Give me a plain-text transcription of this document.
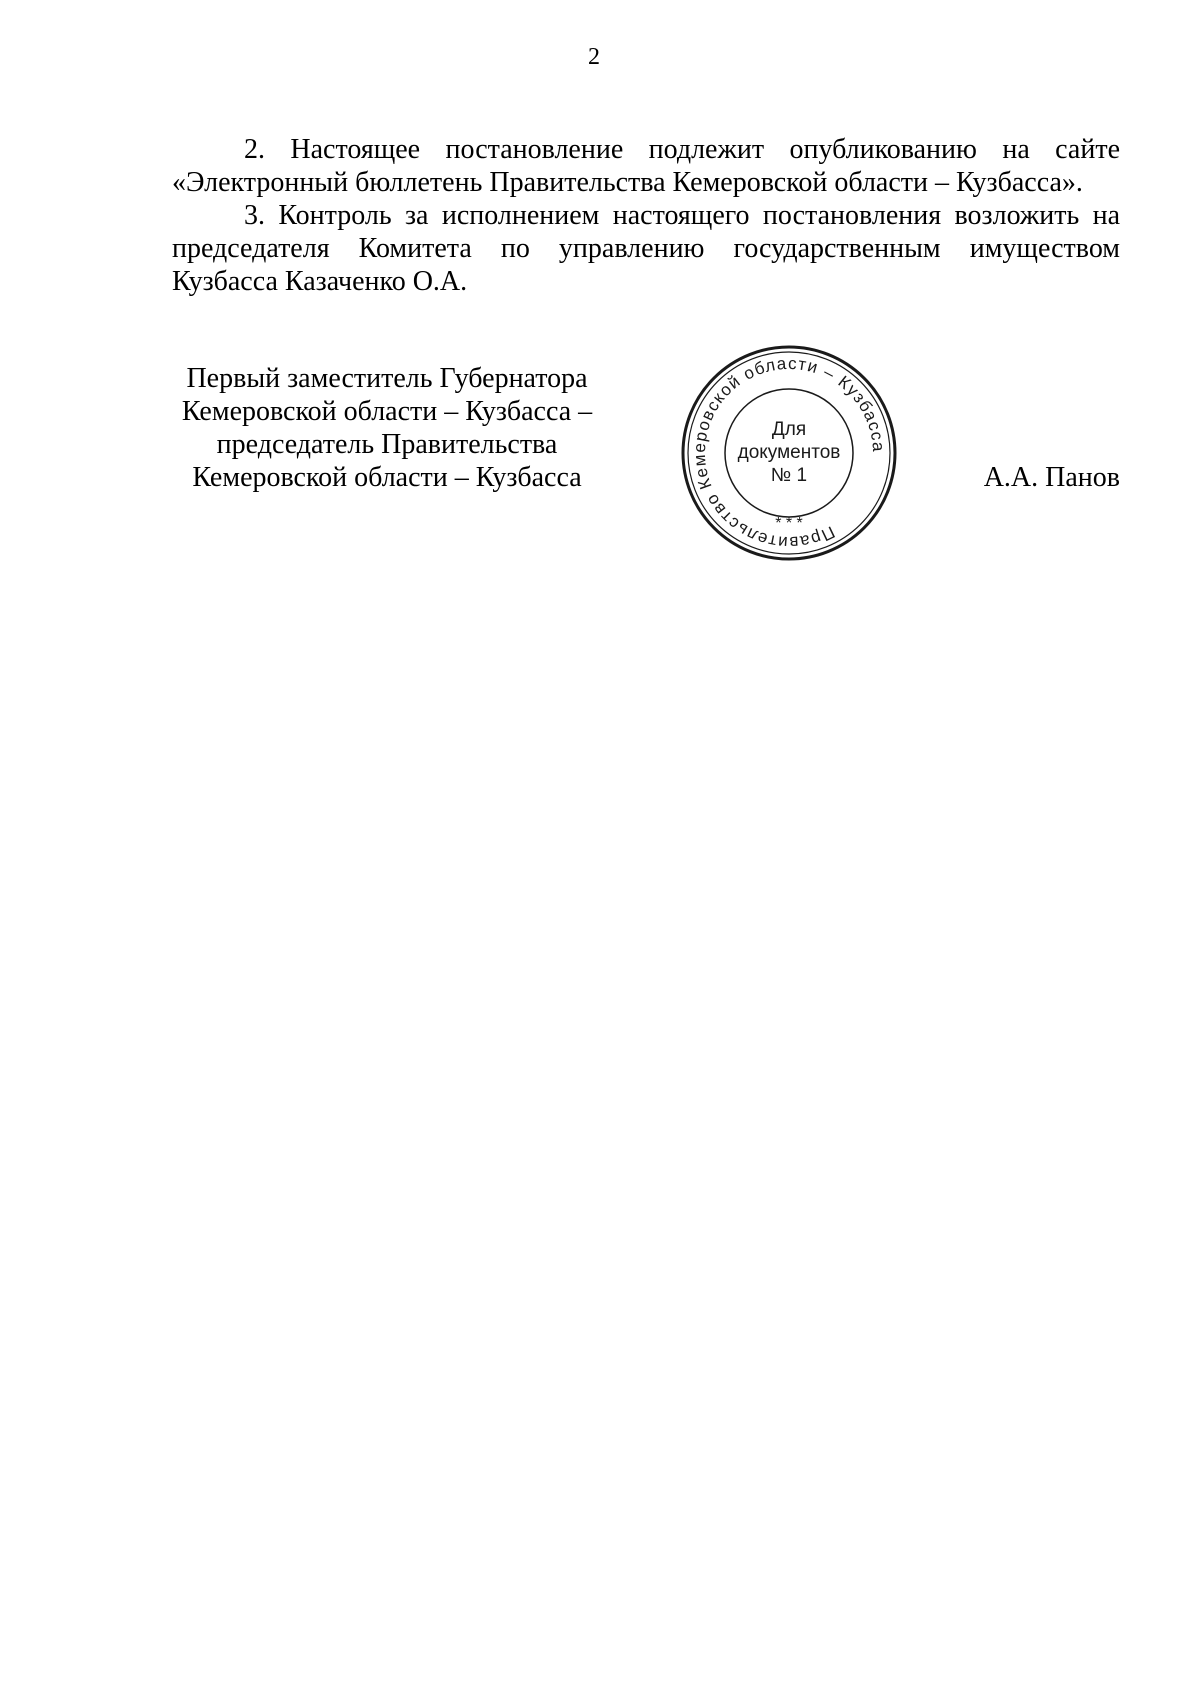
2

2. Настоящее постановление подлежит опубликованию на сайте «Электронный бюллетень Правительства Кемеровской области – Кузбасса».

3. Контроль за исполнением настоящего постановления возложить на председателя Комитета по управлению государственным имуществом Кузбасса Казаченко О.А.

Первый заместитель Губернатора
Кемеровской области – Кузбасса –
председатель Правительства
Кемеровской области – Кузбасса
Правительство Кемеровской области – Кузбасса
* * *
Для
документов
№ 1	А.А. Панов
